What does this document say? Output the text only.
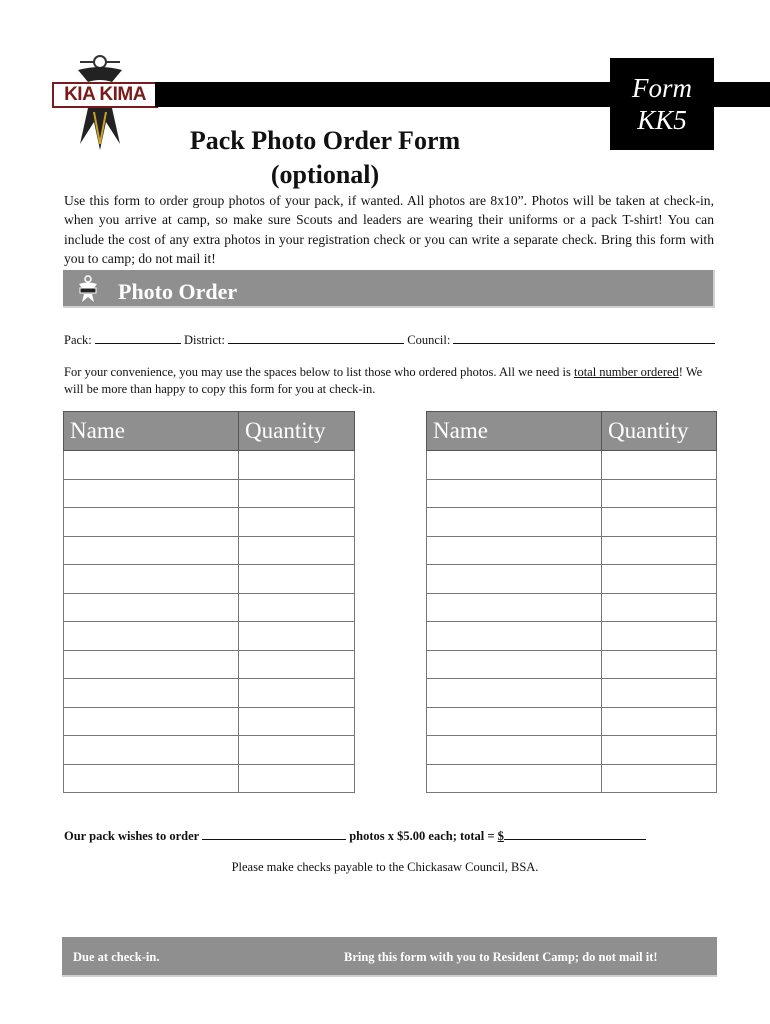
KIA KIMA	Form
KK5
Pack Photo Order Form
(optional)
Use this form to order group photos of your pack, if wanted. All photos are 8x10”. Photos will be taken at check-in, when you arrive at camp, so make sure Scouts and leaders are wearing their uniforms or a pack T-shirt! You can include the cost of any extra photos in your registration check or you can write a separate check. Bring this form with you to camp; do not mail it!
Photo Order
Pack:	District:	Council:
For your convenience, you may use the spaces below to list those who ordered photos. All we need is total number ordered! We will be more than happy to copy this form for you at check-in.
Name	Quantity

		Name	Quantity

Our pack wishes to order	photos x $5.00 each; total = $
Please make checks payable to the Chickasaw Council, BSA.
Due at check-in.	Bring this form with you to Resident Camp; do not mail it!
